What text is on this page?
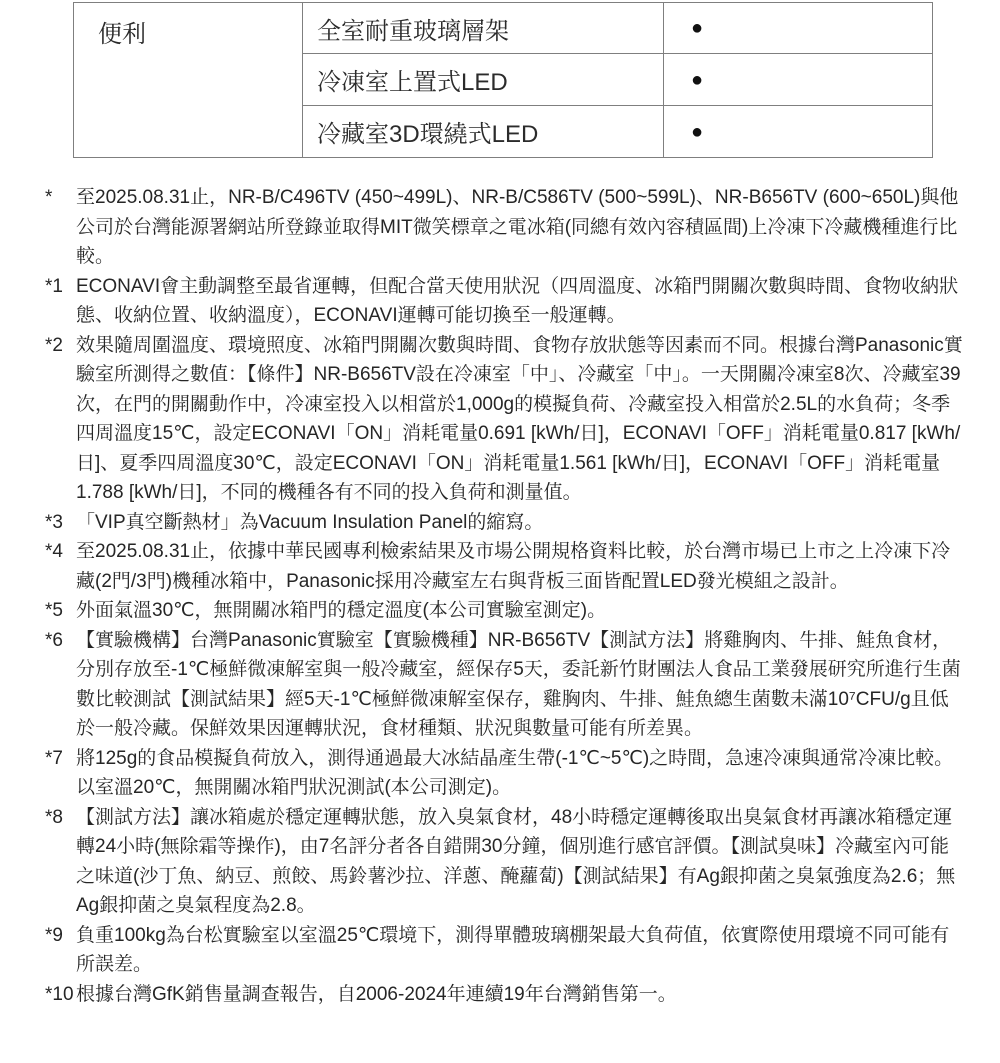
便利	全室耐重玻璃層架	●
冷凍室上置式LED	●
冷藏室3D環繞式LED	●
*	至2025.08.31止，NR-B/C496TV (450~499L)、NR-B/C586TV (500~599L)、NR-B656TV (600~650L)與他公司於台灣能源署網站所登錄並取得MIT微笑標章之電冰箱(同總有效內容積區間)上冷凍下冷藏機種進行比較。
*1 ECONAVI會主動調整至最省運轉，但配合當天使用狀況（四周溫度、冰箱門開關次數與時間、食物收納狀態、收納位置、收納溫度），ECONAVI運轉可能切換至一般運轉。
*2 效果隨周圍溫度、環境照度、冰箱門開關次數與時間、食物存放狀態等因素而不同。根據台灣Panasonic實驗室所測得之數值：【條件】NR-B656TV設在冷凍室「中」、冷藏室「中」。一天開關冷凍室8次、冷藏室39次，在門的開關動作中，冷凍室投入以相當於1,000g的模擬負荷、冷藏室投入相當於2.5L的水負荷；冬季四周溫度15℃，設定ECONAVI「ON」消耗電量0.691 [kWh/日]，ECONAVI「OFF」消耗電量0.817 [kWh/日]、夏季四周溫度30℃，設定ECONAVI「ON」消耗電量1.561 [kWh/日]，ECONAVI「OFF」消耗電量1.788 [kWh/日]，不同的機種各有不同的投入負荷和測量值。
*3 「VIP真空斷熱材」為Vacuum Insulation Panel的縮寫。
*4 至2025.08.31止，依據中華民國專利檢索結果及市場公開規格資料比較，於台灣市場已上市之上冷凍下冷藏(2門/3門)機種冰箱中，Panasonic採用冷藏室左右與背板三面皆配置LED發光模組之設計。
*5 外面氣溫30℃，無開關冰箱門的穩定溫度(本公司實驗室測定)。
*6 【實驗機構】台灣Panasonic實驗室【實驗機種】NR-B656TV【測試方法】將雞胸肉、牛排、鮭魚食材，分別存放至-1℃極鮮微凍解室與一般冷藏室，經保存5天，委託新竹財團法人食品工業發展研究所進行生菌數比較測試【測試結果】經5天-1℃極鮮微凍解室保存，雞胸肉、牛排、鮭魚總生菌數未滿10⁷CFU/g且低於一般冷藏。保鮮效果因運轉狀況，食材種類、狀況與數量可能有所差異。
*7 將125g的食品模擬負荷放入，測得通過最大冰結晶產生帶(-1℃~5℃)之時間，急速冷凍與通常冷凍比較。以室溫20℃，無開關冰箱門狀況測試(本公司測定)。
*8 【測試方法】讓冰箱處於穩定運轉狀態，放入臭氣食材，48小時穩定運轉後取出臭氣食材再讓冰箱穩定運轉24小時(無除霜等操作)，由7名評分者各自錯開30分鐘，個別進行感官評價。【測試臭味】冷藏室內可能之味道(沙丁魚、納豆、煎餃、馬鈴薯沙拉、洋蔥、醃蘿蔔)【測試結果】有Ag銀抑菌之臭氣強度為2.6；無Ag銀抑菌之臭氣程度為2.8。
*9 負重100kg為台松實驗室以室溫25℃環境下，測得單體玻璃棚架最大負荷值，依實際使用環境不同可能有所誤差。
*10 根據台灣GfK銷售量調查報告，自2006-2024年連續19年台灣銷售第一。
